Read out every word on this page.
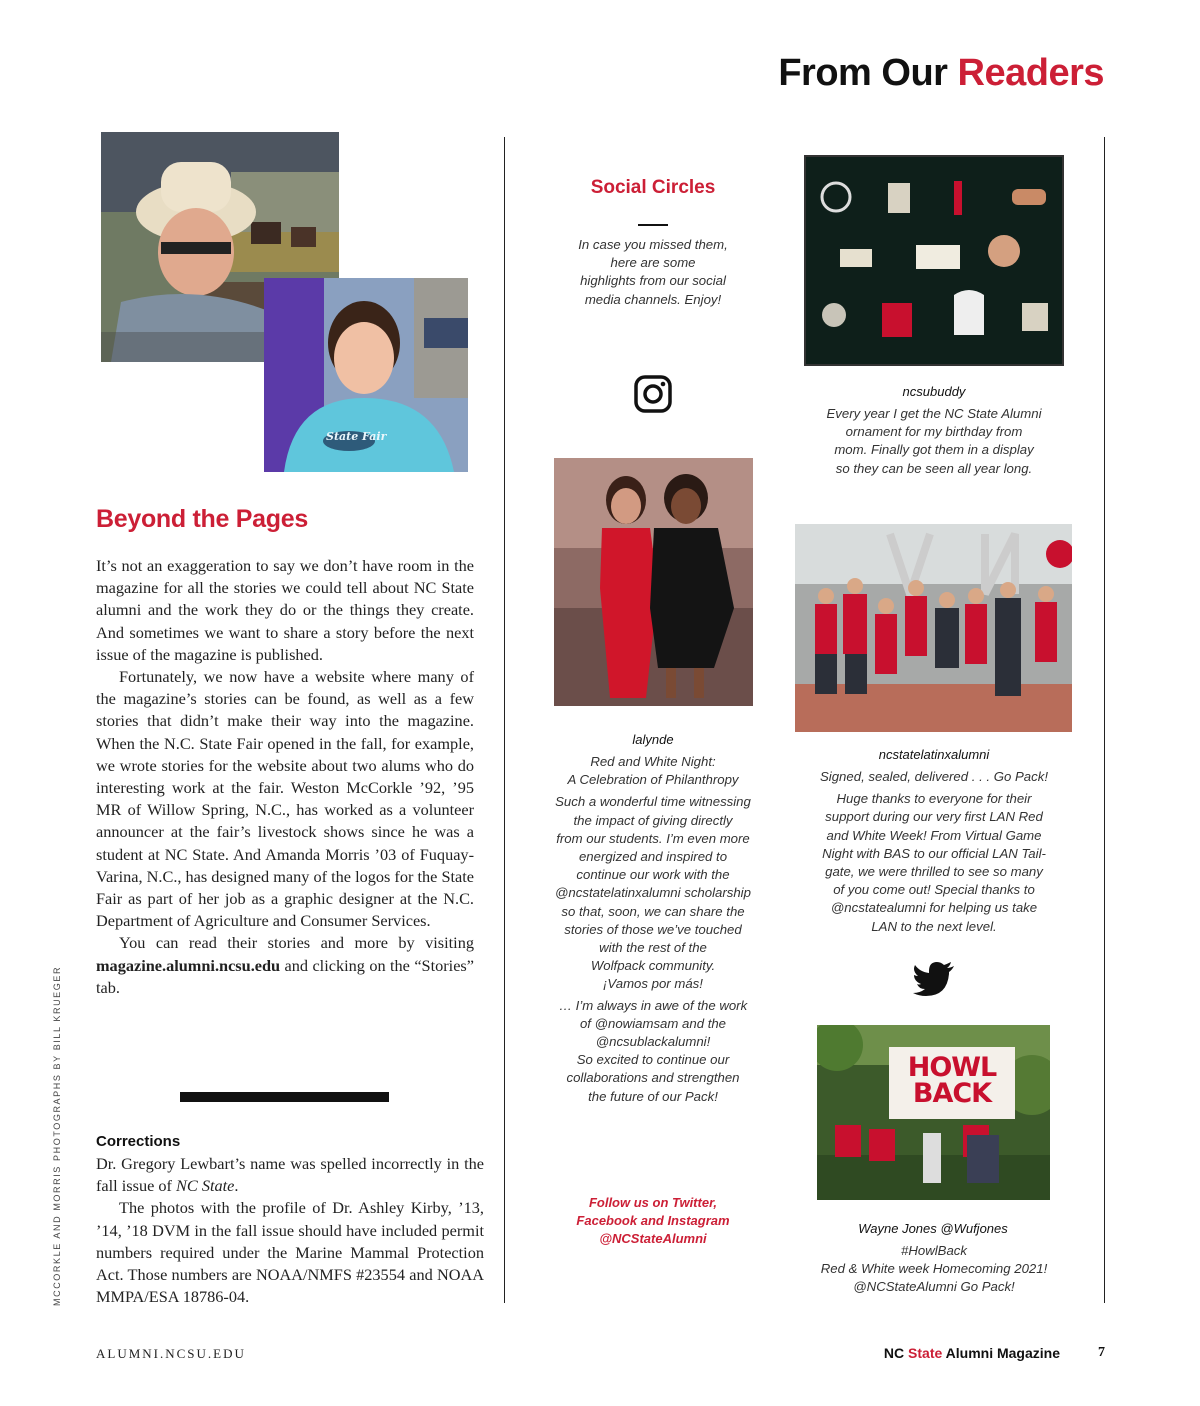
From Our Readers
State Fair
Beyond the Pages

It’s not an exaggeration to say we don’t have room in the magazine for all the stories we could tell about NC State alumni and the work they do or the things they create. And sometimes we want to share a story before the next issue of the magazine is published.

Fortunately, we now have a website where many of the magazine’s stories can be found, as well as a few stories that didn’t make their way into the magazine. When the N.C. State Fair opened in the fall, for example, we wrote stories for the website about two alums who do interesting work at the fair. Weston McCorkle ’92, ’95 MR of Willow Spring, N.C., has worked as a volunteer announcer at the fair’s livestock shows since he was a student at NC State. And Amanda Morris ’03 of Fuquay-Varina, N.C., has designed many of the logos for the State Fair as part of her job as a graphic designer at the N.C. Department of Agriculture and Consumer Services.

You can read their stories and more by visiting magazine.alumni.ncsu.edu and clicking on the “Stories” tab.

Corrections

Dr. Gregory Lewbart’s name was spelled incorrectly in the fall issue of NC State.

The photos with the profile of Dr. Ashley Kirby, ’13, ’14, ’18 DVM in the fall issue should have included permit numbers required under the Marine Mammal Protection Act. Those numbers are NOAA/NMFS #23554 and NOAA MMPA/ESA 18786-04.

MCCORKLE AND MORRIS PHOTOGRAPHS BY BILL KRUEGER
Social Circles
In case you missed them,
here are some
highlights from our social
media channels. Enjoy!
lalynde
Red and White Night:
A Celebration of Philanthropy
Such a wonderful time witnessing
the impact of giving directly
from our students. I’m even more
energized and inspired to
continue our work with the
@ncstatelatinxalumni scholarship
so that, soon, we can share the
stories of those we’ve touched
with the rest of the
Wolfpack community.
¡Vamos por más!
… I’m always in awe of the work
of @nowiamsam and the
@ncsublackalumni!
So excited to continue our
collaborations and strengthen
the future of our Pack!
Follow us on Twitter,
Facebook and Instagram
@NCStateAlumni
ncsubuddy
Every year I get the NC State Alumni
ornament for my birthday from
mom. Finally got them in a display
so they can be seen all year long.
ncstatelatinxalumni
Signed, sealed, delivered . . . Go Pack!
Huge thanks to everyone for their
support during our very first LAN Red
and White Week! From Virtual Game
Night with BAS to our official LAN Tail-
gate, we were thrilled to see so many
of you come out! Special thanks to
@ncstatealumni for helping us take
LAN to the next level.
HOWL
BACK
Wayne Jones @Wufjones
#HowlBack
Red & White week Homecoming 2021!
@NCStateAlumni Go Pack!
ALUMNI.NCSU.EDU	NC State Alumni Magazine	7
